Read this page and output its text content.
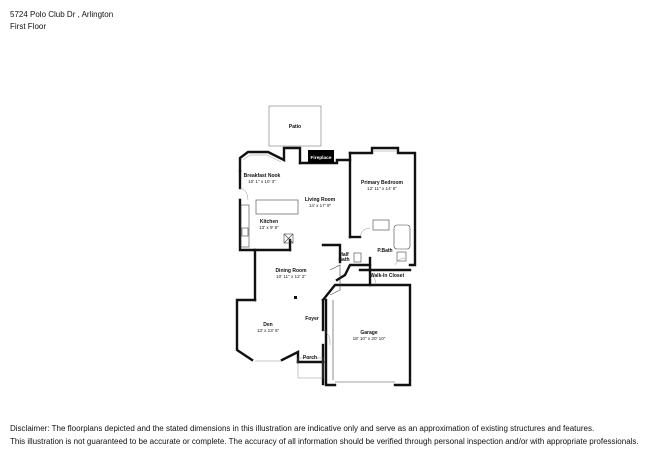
5724 Polo Club Dr , Arlington
First Floor
Fireplace
Patio
Breakfast Nook
10' 1" x 10' 3"
Living Room
14' x 17' 9"
Primary Bedroom
12' 11" x 14' 6"
Kitchen
13' x 9' 9"
P.Bath
Half
Bath
Dining Room
10' 11" x 12' 2"	Walk-In Closet
Foyer
Den
13' x 13' 6"	Garage
18' 10" x 20' 10"
Porch
Disclaimer: The floorplans depicted and the stated dimensions in this illustration are indicative only and serve as an approximation of existing structures and features.
This illustration is not guaranteed to be accurate or complete. The accuracy of all information should be verified through personal inspection and/or with appropriate professionals.
